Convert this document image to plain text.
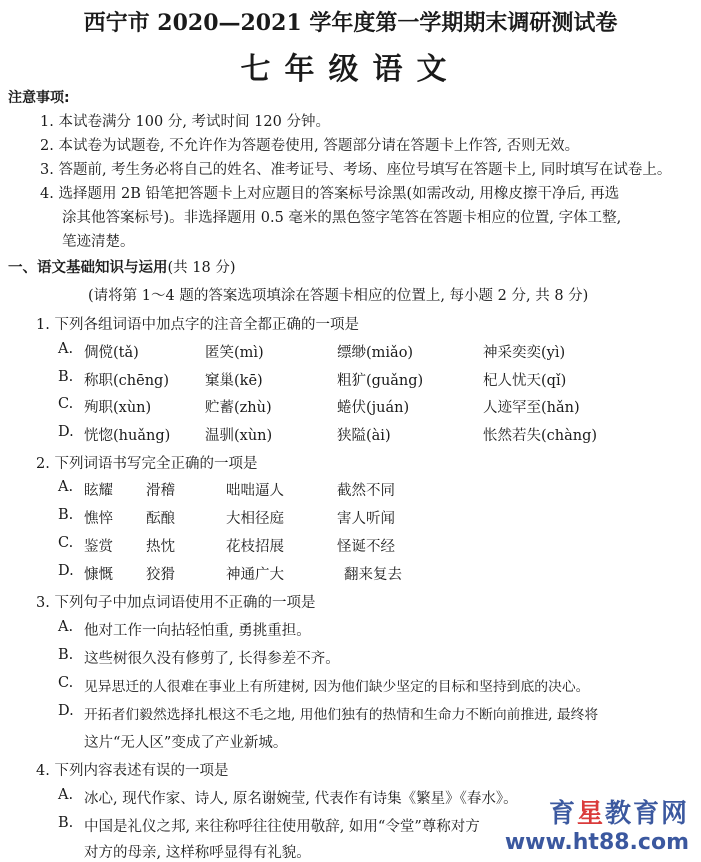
西宁市 2020—2021 学年度第一学期期末调研测试卷
七年级语文
注意事项:
1. 本试卷满分 100 分, 考试时间 120 分钟。
2. 本试卷为试题卷, 不允许作为答题卷使用, 答题部分请在答题卡上作答, 否则无效。
3. 答题前, 考生务必将自己的姓名、准考证号、考场、座位号填写在答题卡上, 同时填写在试卷上。
4. 选择题用 2B 铅笔把答题卡上对应题目的答案标号涂黑(如需改动, 用橡皮擦干净后, 再选
涂其他答案标号)。非选择题用 0.5 毫米的黑色签字笔答在答题卡相应的位置, 字体工整,
笔迹清楚。
一、语文基础知识与运用(共 18 分)
(请将第 1～4 题的答案选项填涂在答题卡相应的位置上, 每小题 2 分, 共 8 分)
1. 下列各组词语中加点字的注音全都正确的一项是
A. 倜傥(tǎ)	匿笑(mì)	缥缈(miǎo)	神采奕奕(yì)
B. 称职(chēng) 窠巢(kē)	粗犷(guǎng)	杞人忧天(qǐ)
C. 殉职(xùn)	贮蓄(zhù)	蜷伏(juán)	人迹罕至(hǎn)
D. 恍惚(huǎng) 温驯(xùn)	狭隘(ài)	怅然若失(chàng)
2. 下列词语书写完全正确的一项是
A. 眩耀 滑稽	咄咄逼人	截然不同
B. 憔悴 酝酿	大相径庭	害人听闻
C. 鉴赏 热忱	花枝招展	怪诞不经
D. 慷慨 狡猾	神通广大	翻来复去
3. 下列句子中加点词语使用不正确的一项是
A. 他对工作一向拈轻怕重, 勇挑重担。
B. 这些树很久没有修剪了, 长得参差不齐。
C. 见异思迁的人很难在事业上有所建树, 因为他们缺少坚定的目标和坚持到底的决心。
D. 开拓者们毅然选择扎根这不毛之地, 用他们独有的热情和生命力不断向前推进, 最终将
这片“无人区”变成了产业新城。
4. 下列内容表述有误的一项是
A. 冰心, 现代作家、诗人, 原名谢婉莹, 代表作有诗集《繁星》《春水》。
B. 中国是礼仪之邦, 来往称呼往往使用敬辞, 如用“令堂”尊称对方
对方的母亲, 这样称呼显得有礼貌。
育星教育网
www.ht88.com
